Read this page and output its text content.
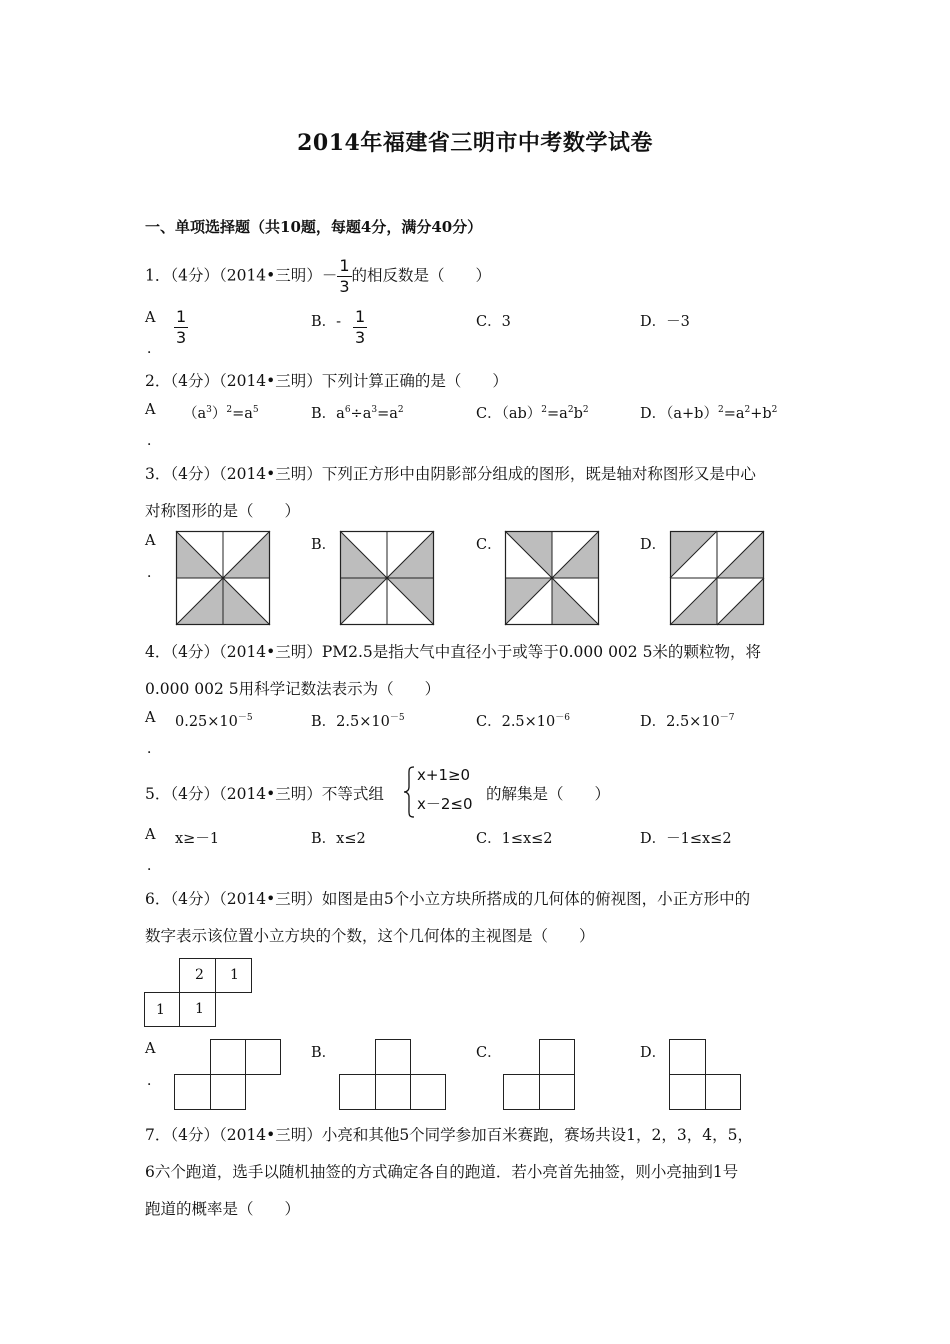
2014年福建省三明市中考数学试卷
一、单项选择题（共10题，每题4分，满分40分）
1．（4分）（2014•三明）－ $\frac{1}{3}$ 的相反数是（　　）
A
．
$\frac{1}{3}$	B．- $\frac{1}{3}$	C．3	D．－3
2．（4分）（2014•三明）下列计算正确的是（　　）
A
．
$(a^3)^2=a^5$	B．$a^6\div a^3=a^2$	C．$(ab)^2=a^2b^2$	D．$(a+b)^2=a^2+b^2$
3．（4分）（2014•三明）下列正方形中由阴影部分组成的图形，既是轴对称图形又是中心
对称图形的是（　　）
A
．
B．	C．	D．
4．（4分）（2014•三明）PM2.5是指大气中直径小于或等于0.000 002 5米的颗粒物，将
0.000 002 5用科学记数法表示为（　　）
A
．
$0.25\times 10^{-5}$	B．$2.5\times 10^{-5}$	C．$2.5\times 10^{-6}$	D．$2.5\times 10^{-7}$
5．（4分）（2014•三明）不等式组
x+1≥0
x－2≤0
的解集是（　　）
A
．
x≥－1	B．x≤2	C．1≤x≤2	D．－1≤x≤2
6．（4分）（2014•三明）如图是由5个小立方块所搭成的几何体的俯视图，小正方形中的
数字表示该位置小立方块的个数，这个几何体的主视图是（　　）
2 1
1 1
A
．
B．	C．	D．
7．（4分）（2014•三明）小亮和其他5个同学参加百米赛跑，赛场共设1，2，3，4，5，
6六个跑道，选手以随机抽签的方式确定各自的跑道．若小亮首先抽签，则小亮抽到1号
跑道的概率是（　　）
